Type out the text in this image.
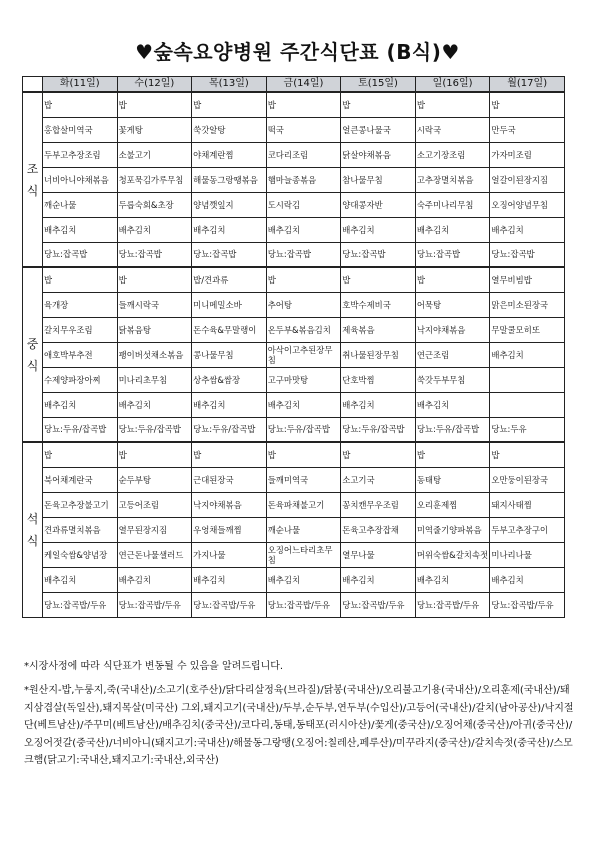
♥숲속요양병원 주간식단표 (B식)♥
	화(11일)	수(12일)	목(13일)	금(14일)	토(15일)	일(16일)	월(17일)

조
식	밥	밥	밥	밥	밥	밥	밥
	홍합살미역국	꽃게탕	쑥갓알탕	떡국	얼큰콩나물국	시락국	만두국
	두부고추장조림	소불고기	야채계란찜	코다리조림	닭살야채볶음	소고기장조림	가자미조림
	너비아니야채볶음	청포묵김가루무침	해물동그랑땡볶음	햄마늘종볶음	참나물무침	고추장멸치볶음	얼갈이된장지짐
	깨순나물	두릅숙회&초장	양념깻잎지	도시락김	양대콩자반	숙주미나리무침	오징어양념무침
	배추김치	배추김치	배추김치	배추김치	배추김치	배추김치	배추김치
	당뇨:잡곡밥	당뇨:잡곡밥	당뇨:잡곡밥	당뇨:잡곡밥	당뇨:잡곡밥	당뇨:잡곡밥	당뇨:잡곡밥

중
식	밥	밥	밥/견과류	밥	밥	밥	열무비빔밥
	육개장	들깨시락국	미니메밀소바	추어탕	호박수제비국	어묵탕	맑은미소된장국
	갈치무우조림	닭볶음탕	돈수육&무말랭이	온두부&볶음김치	제육볶음	낙지야채볶음	무말쿨모히또
	애호박부추전	팽이버섯채소볶음	콩나물무침	아삭이고추된장무침	취나물된장무침	연근조림	배추김치
	수제양파장아찌	미나리초무침	상추쌈&쌈장	고구마맛탕	단호박찜	쑥갓두부무침	
	배추김치	배추김치	배추김치	배추김치	배추김치	배추김치	
	당뇨:두유/잡곡밥	당뇨:두유/잡곡밥	당뇨:두유/잡곡밥	당뇨:두유/잡곡밥	당뇨:두유/잡곡밥	당뇨:두유/잡곡밥	당뇨:두유

석
식	밥	밥	밥	밥	밥	밥	밥
	북어채계란국	순두부탕	근대된장국	들깨미역국	소고기국	동태탕	오만둥이된장국
	돈육고추장불고기	고등어조림	낙지야채볶음	돈육파채불고기	꽁치캔무우조림	오리훈제찜	돼지사태찜
	견과류멸치볶음	열무된장지짐	우엉채들깨찜	깨순나물	돈육고추장잡채	미역줄기양파볶음	두부고추장구이
	케일숙쌈&양념장	연근돈나물샐러드	가지나물	오징어느타리초무침	열무나물	머위숙쌈&갈치속젓	미나리나물
	배추김치	배추김치	배추김치	배추김치	배추김치	배추김치	배추김치
	당뇨:잡곡밥/두유	당뇨:잡곡밥/두유	당뇨:잡곡밥/두유	당뇨:잡곡밥/두유	당뇨:잡곡밥/두유	당뇨:잡곡밥/두유	당뇨:잡곡밥/두유
*시장사정에 따라 식단표가 변동될 수 있음을 알려드립니다.
*원산지-밥,누룽지,죽(국내산)/소고기(호주산)/닭다리살정육(브라질)/닭봉(국내산)/오리불고기용(국내산)/오리훈제(국내산)/돼지삼겹살(독일산),돼지목살(미국산) 그외,돼지고기(국내산)/두부,순두부,연두부(수입산)/고등어(국내산)/갈치(남아공산)/낙지절단(베트남산)/주꾸미(베트남산)/배추김치(중국산)/코다리,동태,동태포(러시아산)/꽃게(중국산)/오징어채(중국산)/아귀(중국산)/오징어젓갈(중국산)/너비아니(돼지고기:국내산)/해물동그랑땡(오징어:칠레산,페루산)/미꾸라지(중국산)/갈치속젓(중국산)/스모크햄(닭고기:국내산,돼지고기:국내산,외국산)
